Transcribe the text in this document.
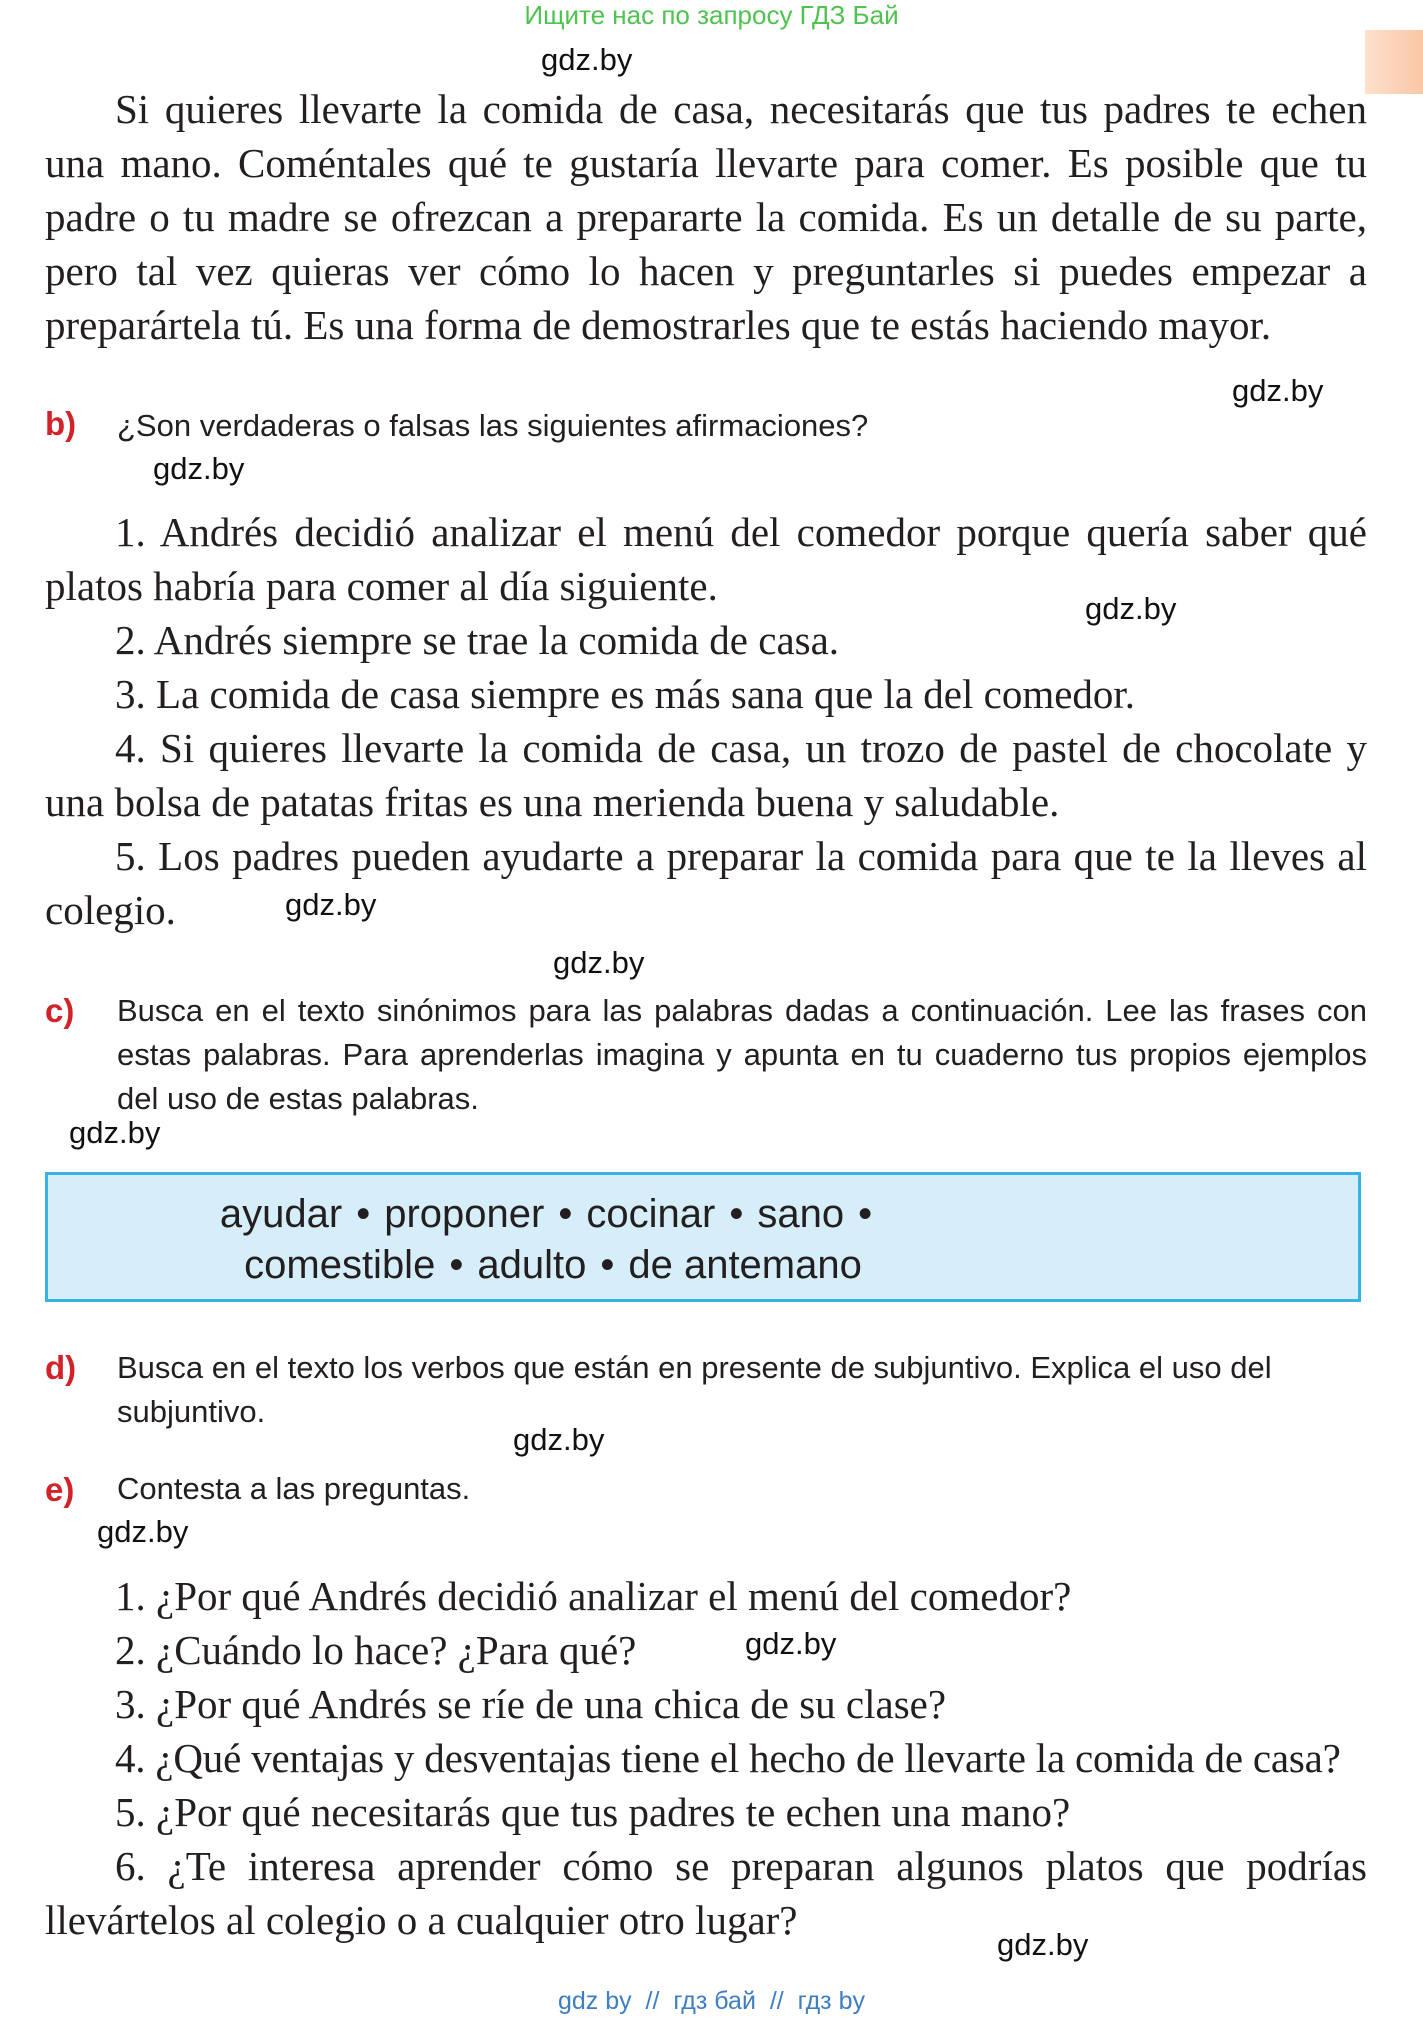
Ищите нас по запросу ГДЗ Бай
gdz.by
gdz.by
gdz.by
gdz.by
gdz.by
gdz.by
gdz.by
gdz.by
gdz.by
gdz.by
gdz.by
Si quieres llevarte la comida de casa, necesitarás que tus padres te echen una mano. Coméntales qué te gustaría llevarte para comer. Es posible que tu padre o tu madre se ofrezcan a prepararte la comida. Es un detalle de su parte, pero tal vez quieras ver cómo lo hacen y preguntarles si puedes empezar a preparártela tú. Es una forma de demostrarles que te estás haciendo mayor.
b) ¿Son verdaderas o falsas las siguientes afirmaciones?

1. Andrés decidió analizar el menú del comedor porque quería saber qué platos habría para comer al día siguiente.

2. Andrés siempre se trae la comida de casa.

3. La comida de casa siempre es más sana que la del comedor.

4. Si quieres llevarte la comida de casa, un trozo de pastel de chocolate y una bolsa de patatas fritas es una merienda buena y saludable.

5. Los padres pueden ayudarte a preparar la comida para que te la lleves al colegio.

c) Busca en el texto sinónimos para las palabras dadas a continuación. Lee las frases con estas palabras. Para aprenderlas imagina y apunta en tu cuaderno tus propios ejemplos del uso de estas palabras.
ayudar • proponer • cocinar • sano •
comestible • adulto • de antemano
d) Busca en el texto los verbos que están en presente de subjuntivo. Explica el uso del subjuntivo.
e) Contesta a las preguntas.

1. ¿Por qué Andrés decidió analizar el menú del comedor?

2. ¿Cuándo lo hace? ¿Para qué?

3. ¿Por qué Andrés se ríe de una chica de su clase?

4. ¿Qué ventajas y desventajas tiene el hecho de llevarte la comida de casa?

5. ¿Por qué necesitarás que tus padres te echen una mano?

6. ¿Te interesa aprender cómo se preparan algunos platos que podrías llevártelos al colegio o a cualquier otro lugar?

gdz by  //  гдз бай  //  гдз by
